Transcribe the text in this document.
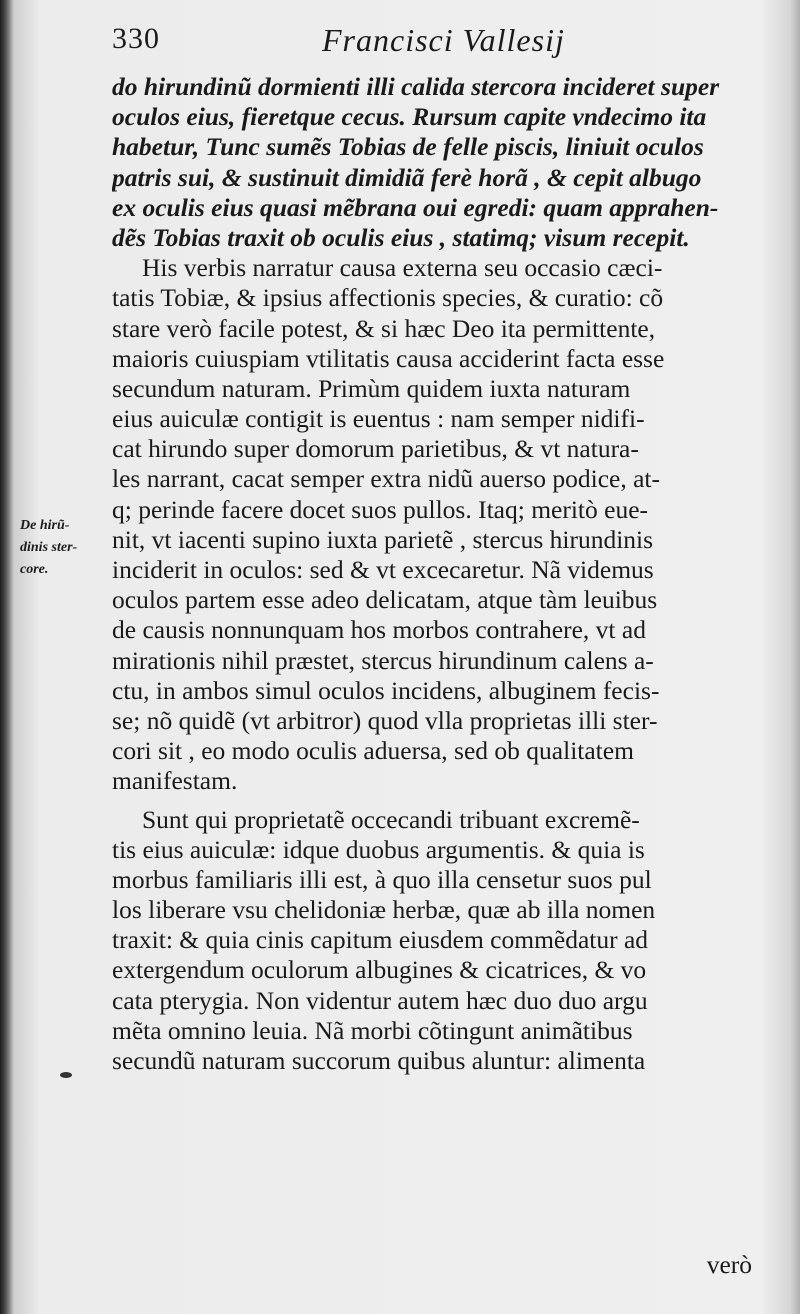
330	Francisci Vallesij
do hirundinũ dormienti illi calida stercora incideret super
oculos eius, fieretque cecus. Rursum capite vndecimo ita
habetur, Tunc sumẽs Tobias de felle piscis, liniuit oculos
patris sui, & sustinuit dimidiã ferè horã , & cepit albugo
ex oculis eius quasi mẽbrana oui egredi: quam apprahen-
dẽs Tobias traxit ob oculis eius , statimq; visum recepit.
His verbis narratur causa externa seu occasio cæci-
tatis Tobiæ, & ipsius affectionis species, & curatio: cõ
stare verò facile potest, & si hæc Deo ita permittente,
maioris cuiuspiam vtilitatis causa acciderint facta esse
secundum naturam. Primùm quidem iuxta naturam
eius auiculæ contigit is euentus : nam semper nidifi-
cat hirundo super domorum parietibus, & vt natura-
les narrant, cacat semper extra nidũ auerso podice, at-
q; perinde facere docet suos pullos. Itaq; meritò eue-
nit, vt iacenti supino iuxta parietẽ , stercus hirundinis
inciderit in oculos: sed & vt excecaretur. Nã videmus
oculos partem esse adeo delicatam, atque tàm leuibus
de causis nonnunquam hos morbos contrahere, vt ad
mirationis nihil præstet, stercus hirundinum calens a-
ctu, in ambos simul oculos incidens, albuginem fecis-
se; nõ quidẽ (vt arbitror) quod vlla proprietas illi ster-
cori sit , eo modo oculis aduersa, sed ob qualitatem
manifestam.
Sunt qui proprietatẽ occecandi tribuant excremẽ-
tis eius auiculæ: idque duobus argumentis. & quia is
morbus familiaris illi est, à quo illa censetur suos pul
los liberare vsu chelidoniæ herbæ, quæ ab illa nomen
traxit: & quia cinis capitum eiusdem commẽdatur ad
extergendum oculorum albugines & cicatrices, & vo
cata pterygia. Non videntur autem hæc duo duo argu
mẽta omnino leuia. Nã morbi cõtingunt animãtibus
secundũ naturam succorum quibus aluntur: alimenta
De hirũ-
dinis ster-
core.
verò
